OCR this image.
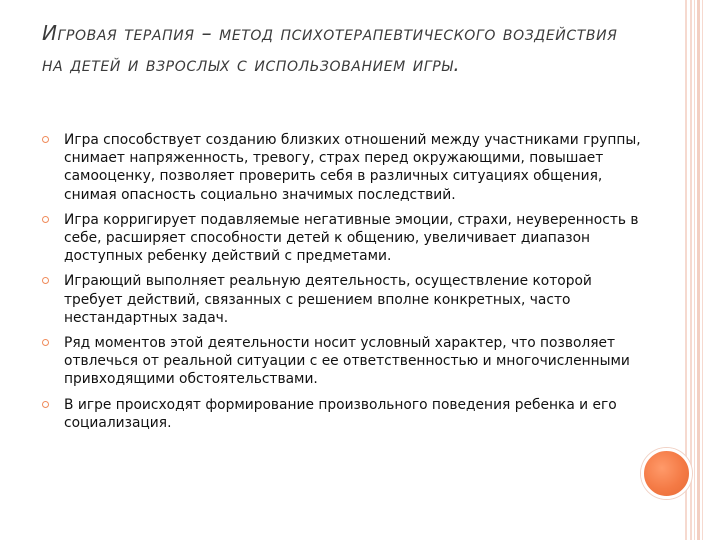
Игровая терапия – метод психотерапевтического воздействия на детей и взрослых с использованием игры.
Игра способствует созданию близких отношений между участниками группы, снимает напряженность, тревогу, страх перед окружающими, повышает самооценку, позволяет проверить себя в различных ситуациях общения, снимая опасность социально значимых последствий.
Игра корригирует подавляемые негативные эмоции, страхи, неуверенность в себе, расширяет способности детей к общению, увеличивает диапазон доступных ребенку действий с предметами.
Играющий выполняет реальную деятельность, осуществление которой требует действий, связанных с решением вполне конкретных, часто нестандартных задач.
Ряд моментов этой деятельности носит условный характер, что позволяет отвлечься от реальной ситуации с ее ответственностью и многочисленными привходящими обстоятельствами.
В игре происходят формирование произвольного поведения ребенка и его социализация.
